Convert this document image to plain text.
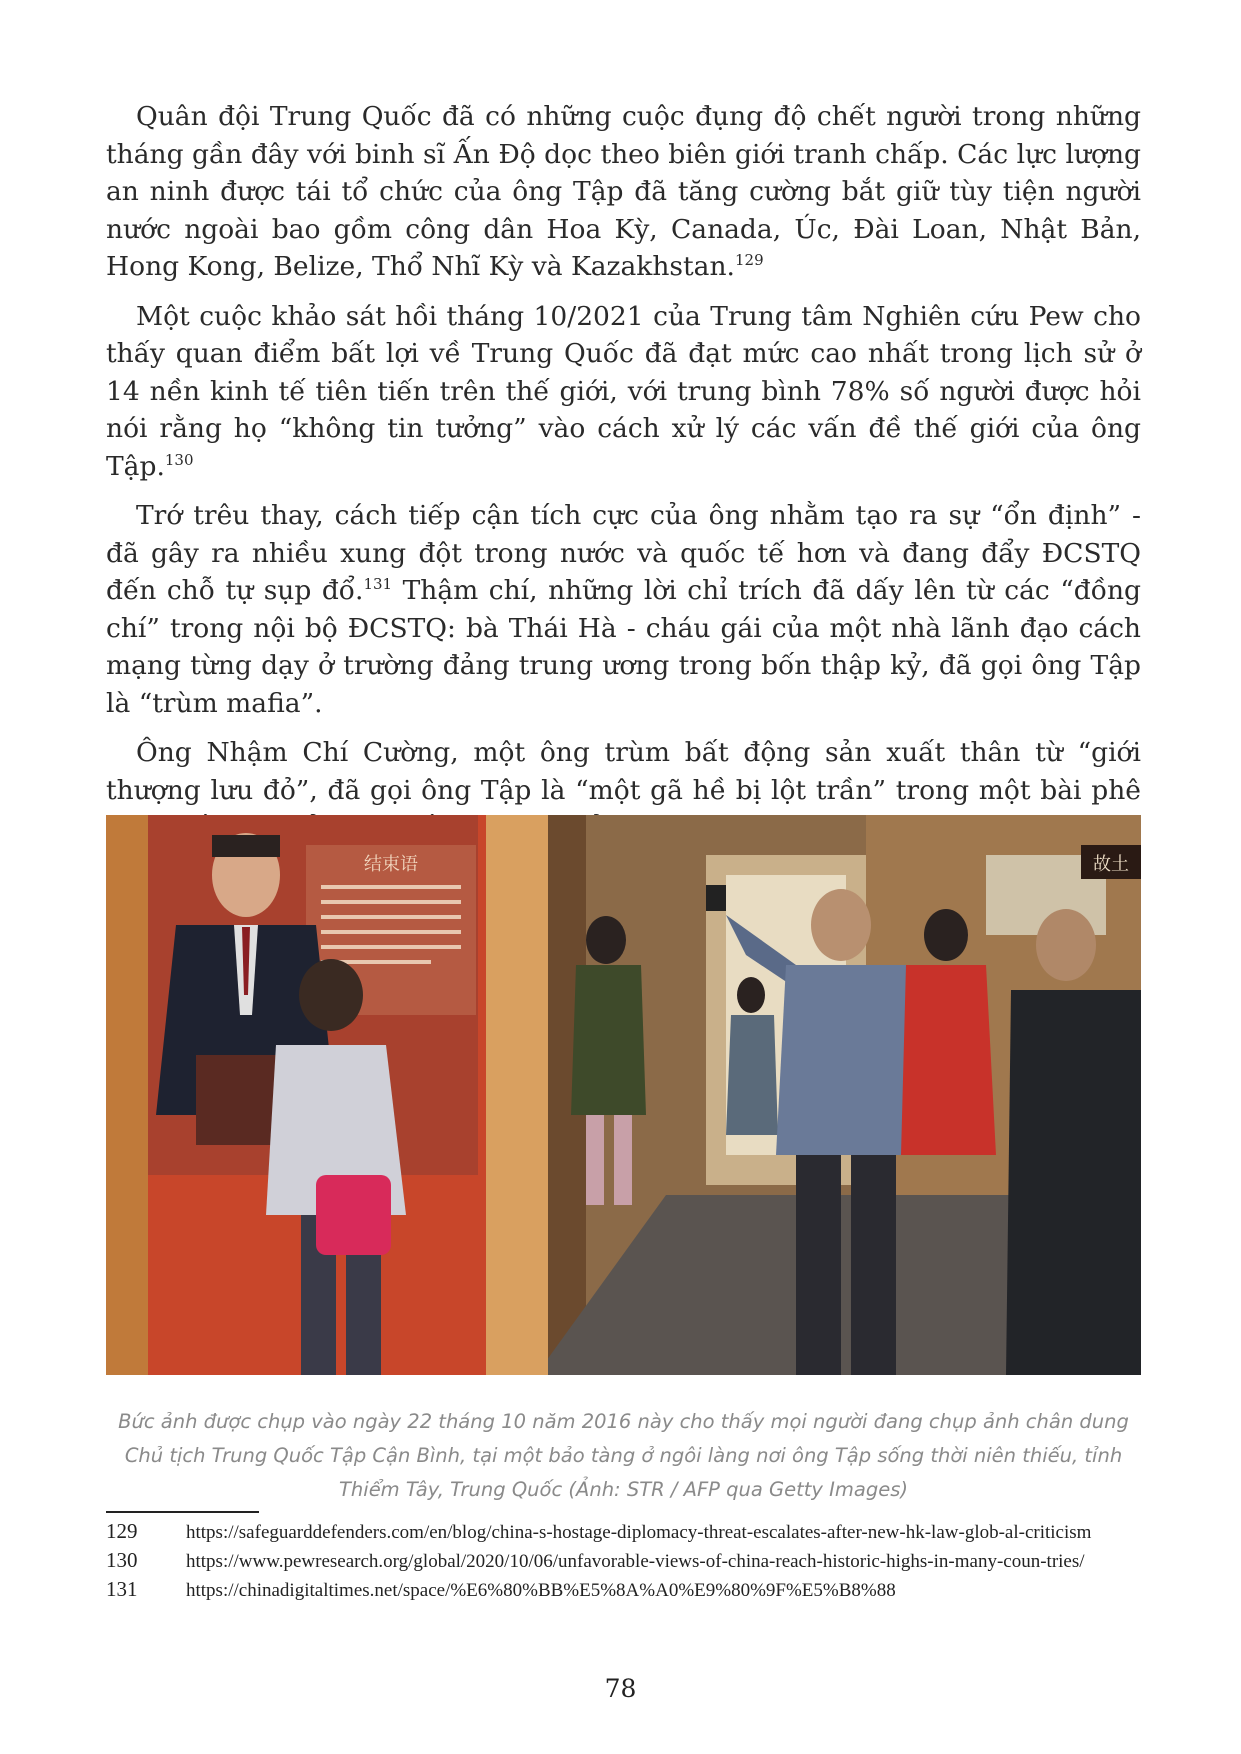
Quân đội Trung Quốc đã có những cuộc đụng độ chết người trong những tháng gần đây với binh sĩ Ấn Độ dọc theo biên giới tranh chấp. Các lực lượng an ninh được tái tổ chức của ông Tập đã tăng cường bắt giữ tùy tiện người nước ngoài bao gồm công dân Hoa Kỳ, Canada, Úc, Đài Loan, Nhật Bản, Hong Kong, Belize, Thổ Nhĩ Kỳ và Kazakhstan.$^{129}$

Một cuộc khảo sát hồi tháng 10/2021 của Trung tâm Nghiên cứu Pew cho thấy quan điểm bất lợi về Trung Quốc đã đạt mức cao nhất trong lịch sử ở 14 nền kinh tế tiên tiến trên thế giới, với trung bình 78% số người được hỏi nói rằng họ “không tin tưởng” vào cách xử lý các vấn đề thế giới của ông Tập.$^{130}$

Trớ trêu thay, cách tiếp cận tích cực của ông nhằm tạo ra sự “ổn định” - đã gây ra nhiều xung đột trong nước và quốc tế hơn và đang đẩy ĐCSTQ đến chỗ tự sụp đổ.$^{131}$ Thậm chí, những lời chỉ trích đã dấy lên từ các “đồng chí” trong nội bộ ĐCSTQ: bà Thái Hà - cháu gái của một nhà lãnh đạo cách mạng từng dạy ở trường đảng trung ương trong bốn thập kỷ, đã gọi ông Tập là “trùm mafia”.

Ông Nhậm Chí Cường, một ông trùm bất động sản xuất thân từ “giới thượng lưu đỏ”, đã gọi ông Tập là “một gã hề bị lột trần” trong một bài phê

结束语	故土
Bức ảnh được chụp vào ngày 22 tháng 10 năm 2016 này cho thấy mọi người đang chụp ảnh chân dung Chủ tịch Trung Quốc Tập Cận Bình, tại một bảo tàng ở ngôi làng nơi ông Tập sống thời niên thiếu, tỉnh Thiểm Tây, Trung Quốc (Ảnh: STR / AFP qua Getty Images)
129	https://safeguarddefenders.com/en/blog/china-s-hostage-diplomacy-threat-escalates-after-new-hk-law-glob-al-criticism
130	https://www.pewresearch.org/global/2020/10/06/unfavorable-views-of-china-reach-historic-highs-in-many-coun-tries/
131	https://chinadigitaltimes.net/space/%E6%80%BB%E5%8A%A0%E9%80%9F%E5%B8%88
78
